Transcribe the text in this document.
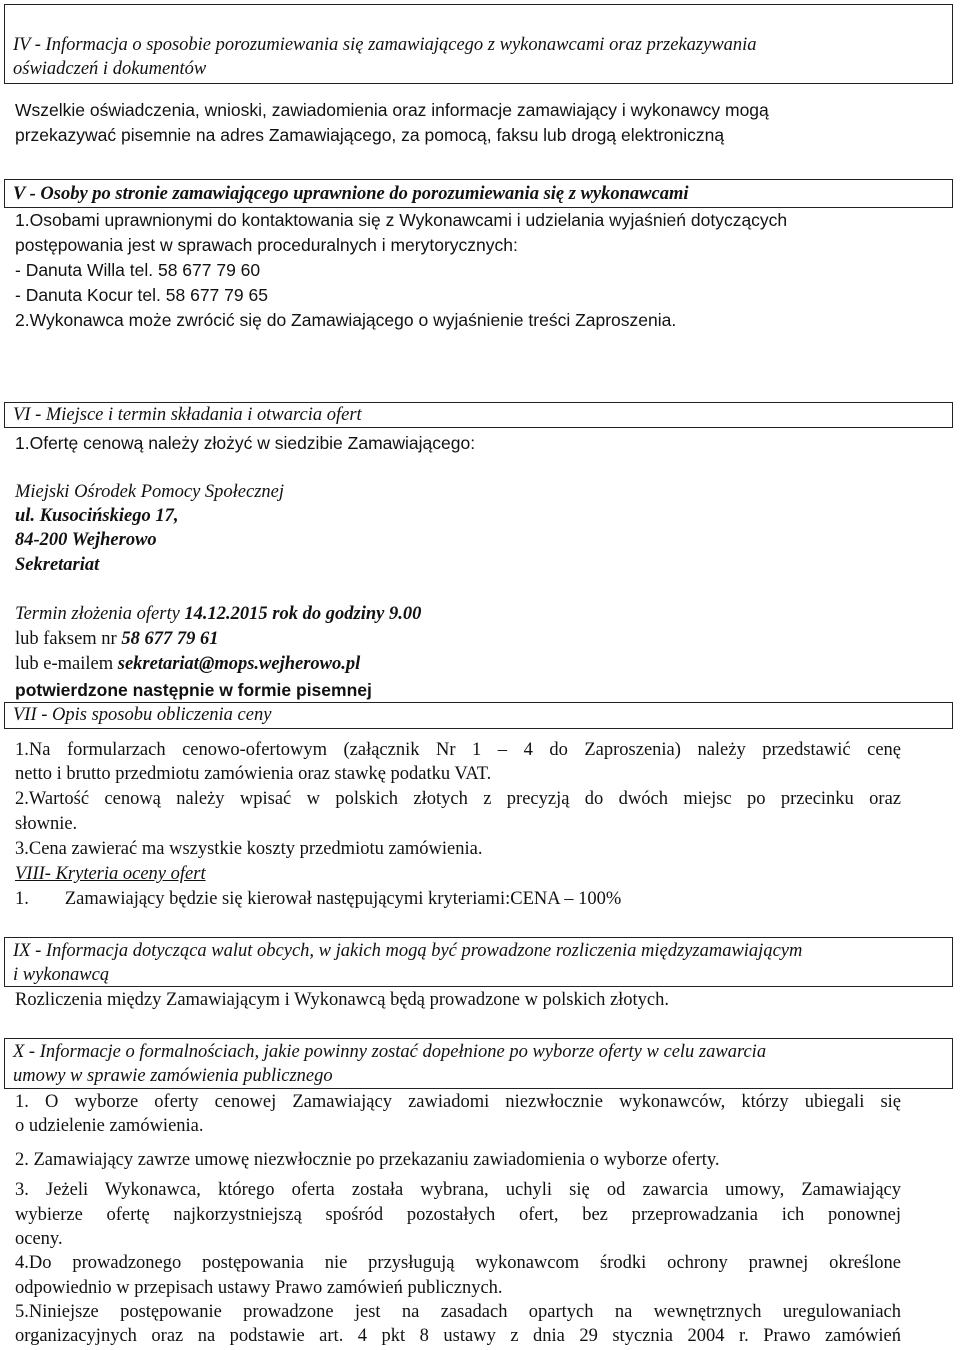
IV - Informacja o sposobie porozumiewania się zamawiającego z wykonawcami oraz przekazywania
oświadczeń i dokumentów
Wszelkie oświadczenia, wnioski, zawiadomienia oraz informacje zamawiający i wykonawcy mogą
przekazywać pisemnie na adres Zamawiającego, za pomocą, faksu lub drogą elektroniczną
V - Osoby po stronie zamawiającego uprawnione do porozumiewania się z wykonawcami
1.Osobami uprawnionymi do kontaktowania się z Wykonawcami i udzielania wyjaśnień dotyczących
postępowania jest w sprawach proceduralnych i merytorycznych:
- Danuta Willa tel. 58 677 79 60
- Danuta Kocur tel. 58 677 79 65
2.Wykonawca może zwrócić się do Zamawiającego o wyjaśnienie treści Zaproszenia.
VI - Miejsce i termin składania i otwarcia ofert
1.Ofertę cenową należy złożyć w siedzibie Zamawiającego:
Miejski Ośrodek Pomocy Społecznej
ul. Kusocińskiego 17,
84-200 Wejherowo
Sekretariat
Termin złożenia oferty 14.12.2015 rok do godziny 9.00
lub faksem nr 58 677 79 61
lub e-mailem sekretariat@mops.wejherowo.pl
potwierdzone następnie w formie pisemnej
VII - Opis sposobu obliczenia ceny
1.Na formularzach cenowo-ofertowym (załącznik Nr 1 – 4 do Zaproszenia) należy przedstawić cenę
netto i brutto przedmiotu zamówienia oraz stawkę podatku VAT.
2.Wartość cenową należy wpisać w polskich złotych z precyzją do dwóch miejsc po przecinku oraz
słownie.
3.Cena zawierać ma wszystkie koszty przedmiotu zamówienia.
VIII- Kryteria oceny ofert
1. Zamawiający będzie się kierował następującymi kryteriami:CENA – 100%
IX - Informacja dotycząca walut obcych, w jakich mogą być prowadzone rozliczenia międzyzamawiającym
i wykonawcą
Rozliczenia między Zamawiającym i Wykonawcą będą prowadzone w polskich złotych.
X - Informacje o formalnościach, jakie powinny zostać dopełnione po wyborze oferty w celu zawarcia
umowy w sprawie zamówienia publicznego
1. O wyborze oferty cenowej Zamawiający zawiadomi niezwłocznie wykonawców, którzy ubiegali się
o udzielenie zamówienia.
2. Zamawiający zawrze umowę niezwłocznie po przekazaniu zawiadomienia o wyborze oferty.
3. Jeżeli Wykonawca, którego oferta została wybrana, uchyli się od zawarcia umowy, Zamawiający
wybierze ofertę najkorzystniejszą spośród pozostałych ofert, bez przeprowadzania ich ponownej
oceny.
4.Do prowadzonego postępowania nie przysługują wykonawcom środki ochrony prawnej określone
odpowiednio w przepisach ustawy Prawo zamówień publicznych.
5.Niniejsze postępowanie prowadzone jest na zasadach opartych na wewnętrznych uregulowaniach
organizacyjnych oraz na podstawie art. 4 pkt 8 ustawy z dnia 29 stycznia 2004 r. Prawo zamówień
